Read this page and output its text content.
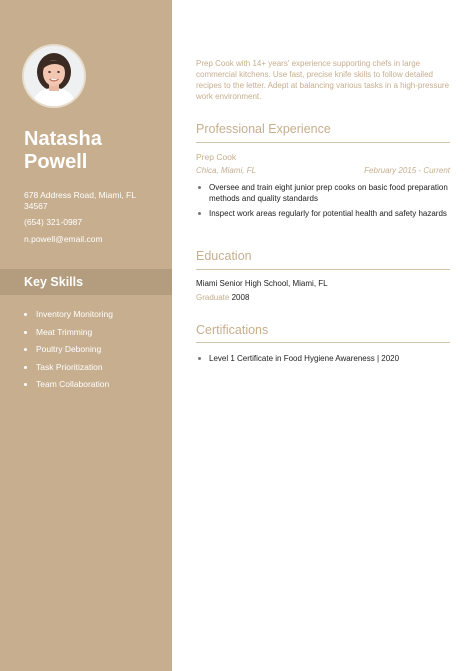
Natasha
Powell
678 Address Road, Miami, FL
34567
(654) 321-0987
n.powell@email.com
Key Skills
Inventory Monitoring
Meat Trimming
Poultry Deboning
Task Prioritization
Team Collaboration
Prep Cook with 14+ years' experience supporting chefs in large commercial kitchens. Use fast, precise knife skills to follow detailed recipes to the letter. Adept at balancing various tasks in a high-pressure work environment.
Professional Experience
Prep Cook
Chica, Miami, FL	February 2015 - Current
Oversee and train eight junior prep cooks on basic food preparation methods and quality standards
Inspect work areas regularly for potential health and safety hazards
Education
Miami Senior High School, Miami, FL
Graduate 2008
Certifications
Level 1 Certificate in Food Hygiene Awareness | 2020
